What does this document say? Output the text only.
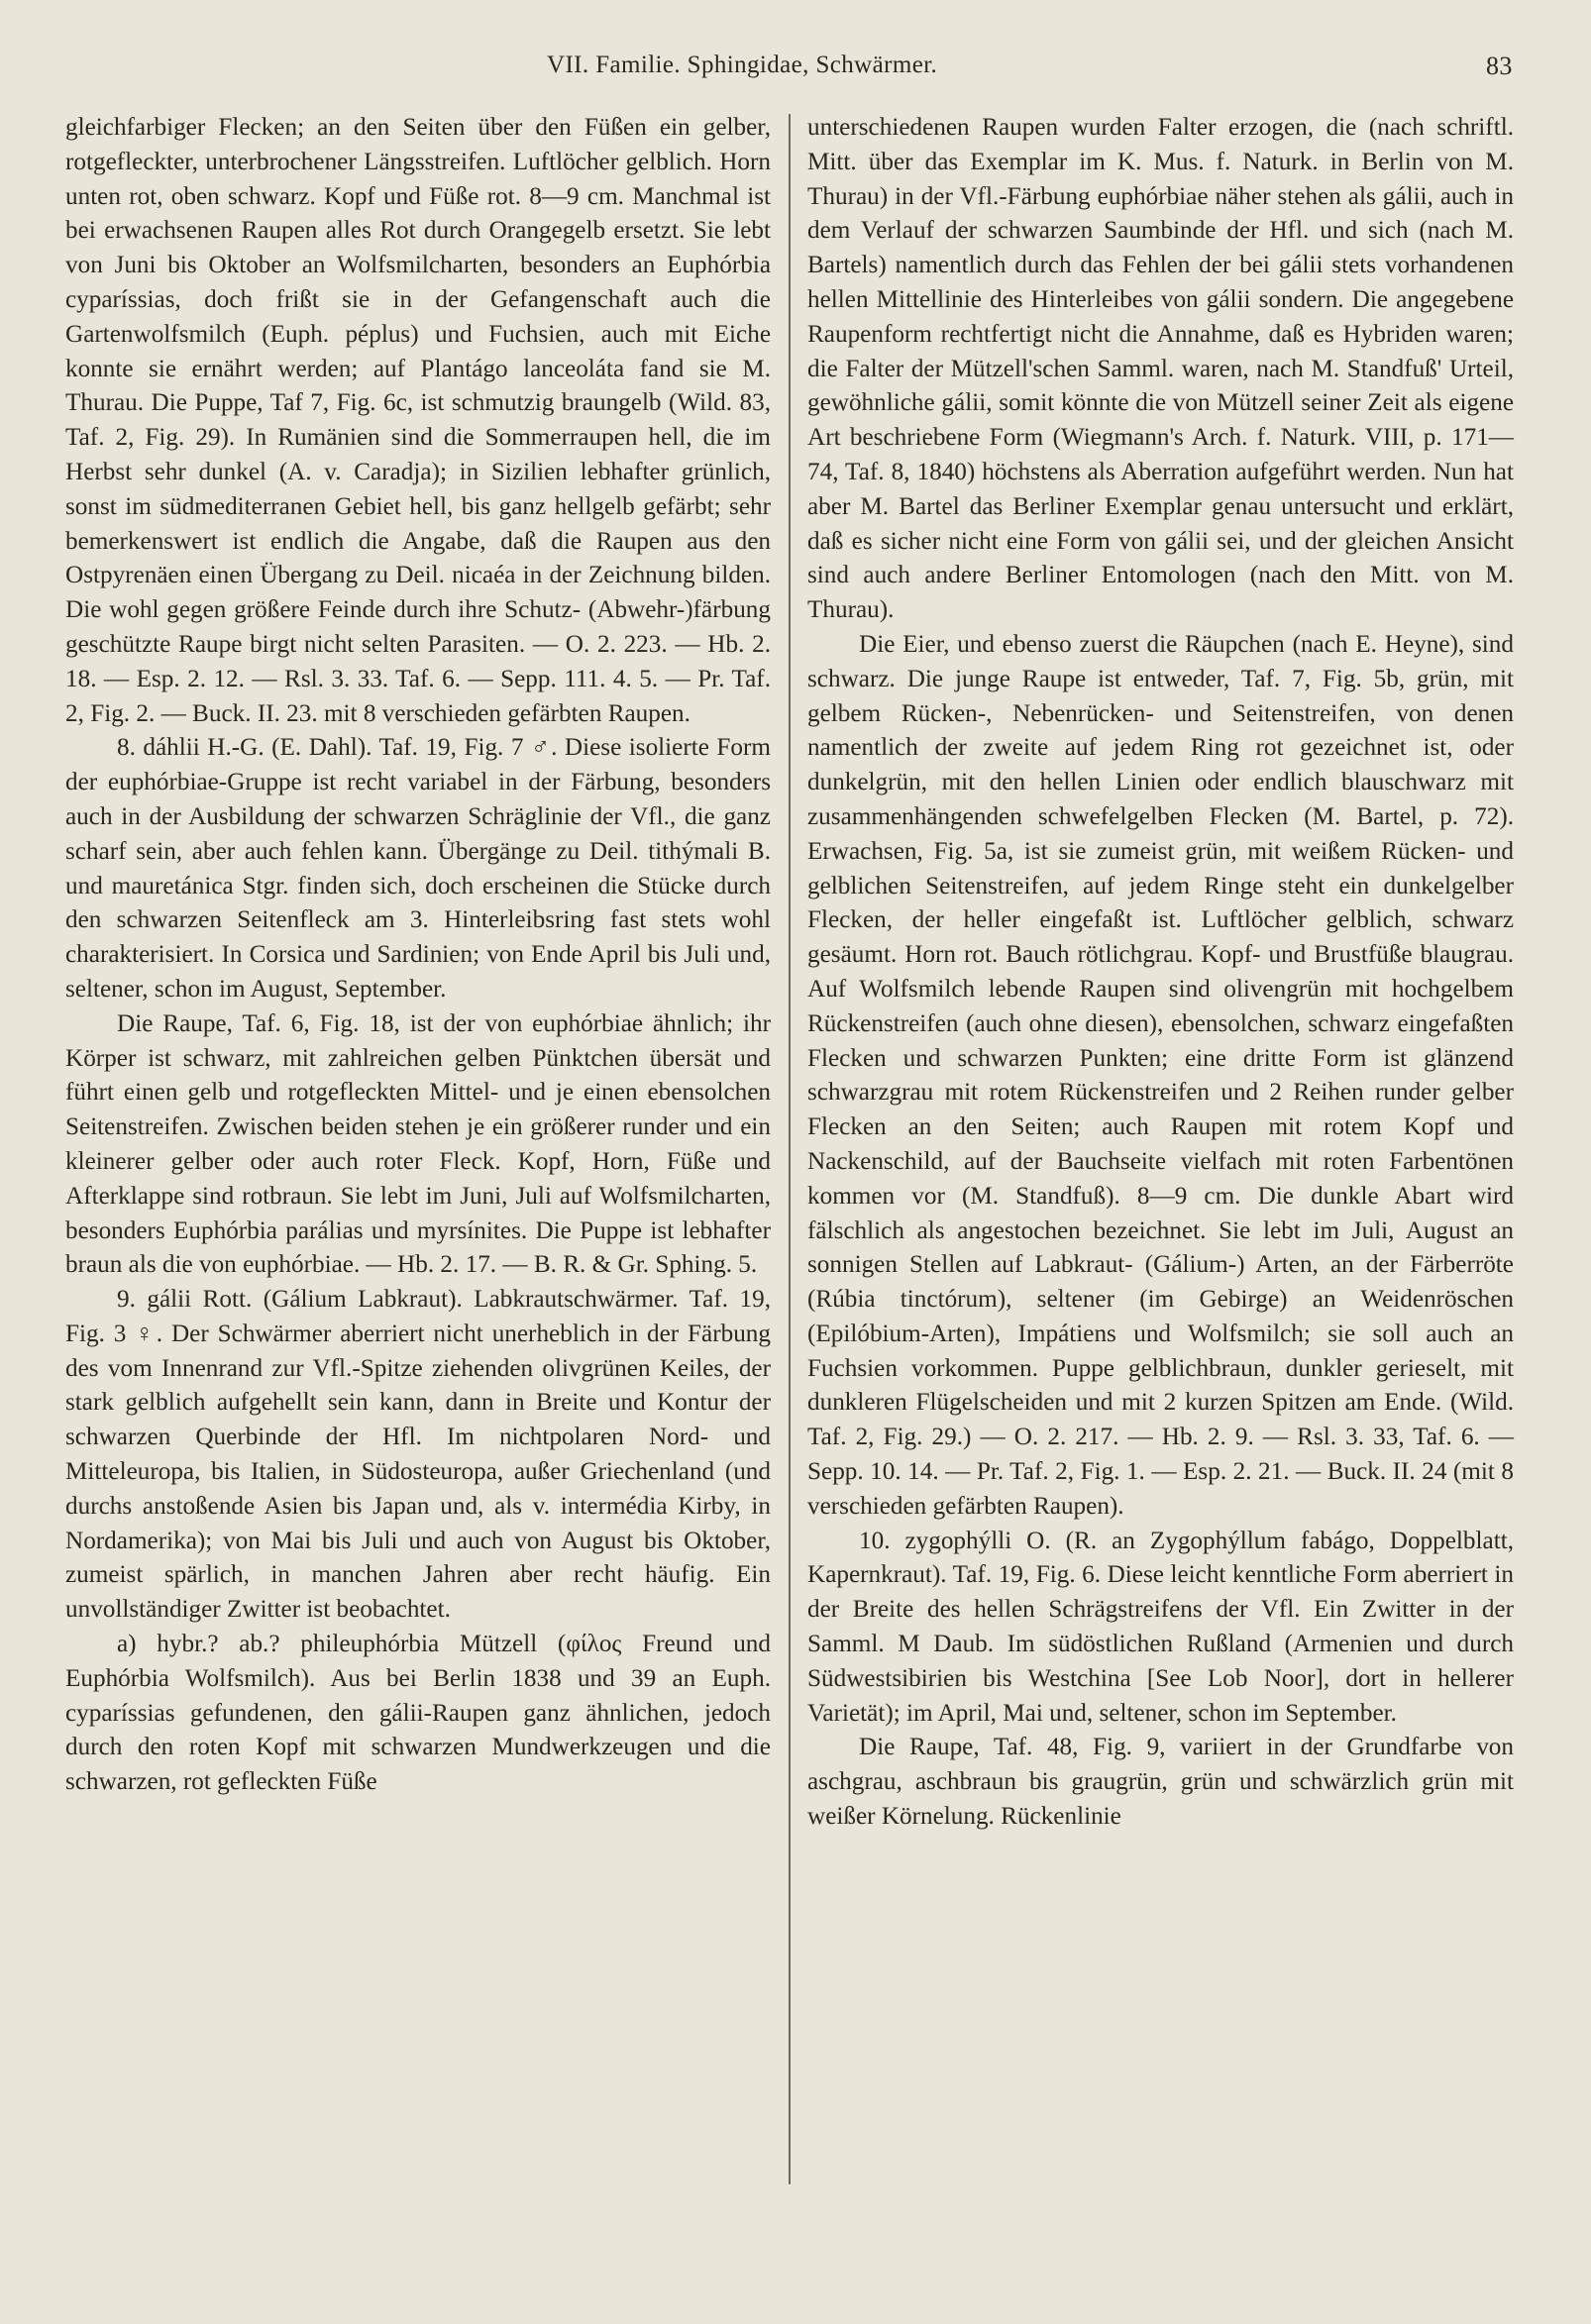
VII. Familie. Sphingidae, Schwärmer.	83

gleichfarbiger Flecken; an den Seiten über den Füßen ein gelber, rotgefleckter, unterbrochener Längsstreifen. Luftlöcher gelblich. Horn unten rot, oben schwarz. Kopf und Füße rot. 8—9 cm. Manchmal ist bei erwachsenen Raupen alles Rot durch Orangegelb ersetzt. Sie lebt von Juni bis Oktober an Wolfsmilcharten, besonders an Euphórbia cyparíssias, doch frißt sie in der Gefangenschaft auch die Gartenwolfsmilch (Euph. péplus) und Fuchsien, auch mit Eiche konnte sie ernährt werden; auf Plantágo lanceoláta fand sie M. Thurau. Die Puppe, Taf 7, Fig. 6c, ist schmutzig braungelb (Wild. 83, Taf. 2, Fig. 29). In Rumänien sind die Sommerraupen hell, die im Herbst sehr dunkel (A. v. Caradja); in Sizilien lebhafter grünlich, sonst im südmediterranen Gebiet hell, bis ganz hellgelb gefärbt; sehr bemerkenswert ist endlich die Angabe, daß die Raupen aus den Ostpyrenäen einen Übergang zu Deil. nicaéa in der Zeichnung bilden. Die wohl gegen größere Feinde durch ihre Schutz- (Abwehr-)färbung geschützte Raupe birgt nicht selten Parasiten. — O. 2. 223. — Hb. 2. 18. — Esp. 2. 12. — Rsl. 3. 33. Taf. 6. — Sepp. 111. 4. 5. — Pr. Taf. 2, Fig. 2. — Buck. II. 23. mit 8 verschieden gefärbten Raupen.

8. dáhlii H.-G. (E. Dahl). Taf. 19, Fig. 7 ♂. Diese isolierte Form der euphórbiae-Gruppe ist recht variabel in der Färbung, besonders auch in der Ausbildung der schwarzen Schräglinie der Vfl., die ganz scharf sein, aber auch fehlen kann. Übergänge zu Deil. tithýmali B. und mauretánica Stgr. finden sich, doch erscheinen die Stücke durch den schwarzen Seitenfleck am 3. Hinterleibsring fast stets wohl charakterisiert. In Corsica und Sardinien; von Ende April bis Juli und, seltener, schon im August, September.

Die Raupe, Taf. 6, Fig. 18, ist der von euphórbiae ähnlich; ihr Körper ist schwarz, mit zahlreichen gelben Pünktchen übersät und führt einen gelb und rotgefleckten Mittel- und je einen ebensolchen Seitenstreifen. Zwischen beiden stehen je ein größerer runder und ein kleinerer gelber oder auch roter Fleck. Kopf, Horn, Füße und Afterklappe sind rotbraun. Sie lebt im Juni, Juli auf Wolfsmilcharten, besonders Euphórbia parálias und myrsínites. Die Puppe ist lebhafter braun als die von euphórbiae. — Hb. 2. 17. — B. R. & Gr. Sphing. 5.

9. gálii Rott. (Gálium Labkraut). Labkrautschwärmer. Taf. 19, Fig. 3 ♀. Der Schwärmer aberriert nicht unerheblich in der Färbung des vom Innenrand zur Vfl.-Spitze ziehenden olivgrünen Keiles, der stark gelblich aufgehellt sein kann, dann in Breite und Kontur der schwarzen Querbinde der Hfl. Im nichtpolaren Nord- und Mitteleuropa, bis Italien, in Südosteuropa, außer Griechenland (und durchs anstoßende Asien bis Japan und, als v. intermédia Kirby, in Nordamerika); von Mai bis Juli und auch von August bis Oktober, zumeist spärlich, in manchen Jahren aber recht häufig. Ein unvollständiger Zwitter ist beobachtet.

a) hybr.? ab.? phileuphórbia Mützell (φίλος Freund und Euphórbia Wolfsmilch). Aus bei Berlin 1838 und 39 an Euph. cyparíssias gefundenen, den gálii-Raupen ganz ähnlichen, jedoch durch den roten Kopf mit schwarzen Mundwerkzeugen und die schwarzen, rot gefleckten Füße

unterschiedenen Raupen wurden Falter erzogen, die (nach schriftl. Mitt. über das Exemplar im K. Mus. f. Naturk. in Berlin von M. Thurau) in der Vfl.-Färbung euphórbiae näher stehen als gálii, auch in dem Verlauf der schwarzen Saumbinde der Hfl. und sich (nach M. Bartels) namentlich durch das Fehlen der bei gálii stets vorhandenen hellen Mittellinie des Hinterleibes von gálii sondern. Die angegebene Raupenform rechtfertigt nicht die Annahme, daß es Hybriden waren; die Falter der Mützell'schen Samml. waren, nach M. Standfuß' Urteil, gewöhnliche gálii, somit könnte die von Mützell seiner Zeit als eigene Art beschriebene Form (Wiegmann's Arch. f. Naturk. VIII, p. 171—74, Taf. 8, 1840) höchstens als Aberration aufgeführt werden. Nun hat aber M. Bartel das Berliner Exemplar genau untersucht und erklärt, daß es sicher nicht eine Form von gálii sei, und der gleichen Ansicht sind auch andere Berliner Entomologen (nach den Mitt. von M. Thurau).

Die Eier, und ebenso zuerst die Räupchen (nach E. Heyne), sind schwarz. Die junge Raupe ist entweder, Taf. 7, Fig. 5b, grün, mit gelbem Rücken-, Nebenrücken- und Seitenstreifen, von denen namentlich der zweite auf jedem Ring rot gezeichnet ist, oder dunkelgrün, mit den hellen Linien oder endlich blauschwarz mit zusammenhängenden schwefelgelben Flecken (M. Bartel, p. 72). Erwachsen, Fig. 5a, ist sie zumeist grün, mit weißem Rücken- und gelblichen Seitenstreifen, auf jedem Ringe steht ein dunkelgelber Flecken, der heller eingefaßt ist. Luftlöcher gelblich, schwarz gesäumt. Horn rot. Bauch rötlichgrau. Kopf- und Brustfüße blaugrau. Auf Wolfsmilch lebende Raupen sind olivengrün mit hochgelbem Rückenstreifen (auch ohne diesen), ebensolchen, schwarz eingefaßten Flecken und schwarzen Punkten; eine dritte Form ist glänzend schwarzgrau mit rotem Rückenstreifen und 2 Reihen runder gelber Flecken an den Seiten; auch Raupen mit rotem Kopf und Nackenschild, auf der Bauchseite vielfach mit roten Farbentönen kommen vor (M. Standfuß). 8—9 cm. Die dunkle Abart wird fälschlich als angestochen bezeichnet. Sie lebt im Juli, August an sonnigen Stellen auf Labkraut- (Gálium-) Arten, an der Färberröte (Rúbia tinctórum), seltener (im Gebirge) an Weidenröschen (Epilóbium-Arten), Impátiens und Wolfsmilch; sie soll auch an Fuchsien vorkommen. Puppe gelblichbraun, dunkler gerieselt, mit dunkleren Flügelscheiden und mit 2 kurzen Spitzen am Ende. (Wild. Taf. 2, Fig. 29.) — O. 2. 217. — Hb. 2. 9. — Rsl. 3. 33, Taf. 6. — Sepp. 10. 14. — Pr. Taf. 2, Fig. 1. — Esp. 2. 21. — Buck. II. 24 (mit 8 verschieden gefärbten Raupen).

10. zygophýlli O. (R. an Zygophýllum fabágo, Doppelblatt, Kapernkraut). Taf. 19, Fig. 6. Diese leicht kenntliche Form aberriert in der Breite des hellen Schrägstreifens der Vfl. Ein Zwitter in der Samml. M Daub. Im südöstlichen Rußland (Armenien und durch Südwestsibirien bis Westchina [See Lob Noor], dort in hellerer Varietät); im April, Mai und, seltener, schon im September.

Die Raupe, Taf. 48, Fig. 9, variiert in der Grundfarbe von aschgrau, aschbraun bis graugrün, grün und schwärzlich grün mit weißer Körnelung. Rückenlinie
